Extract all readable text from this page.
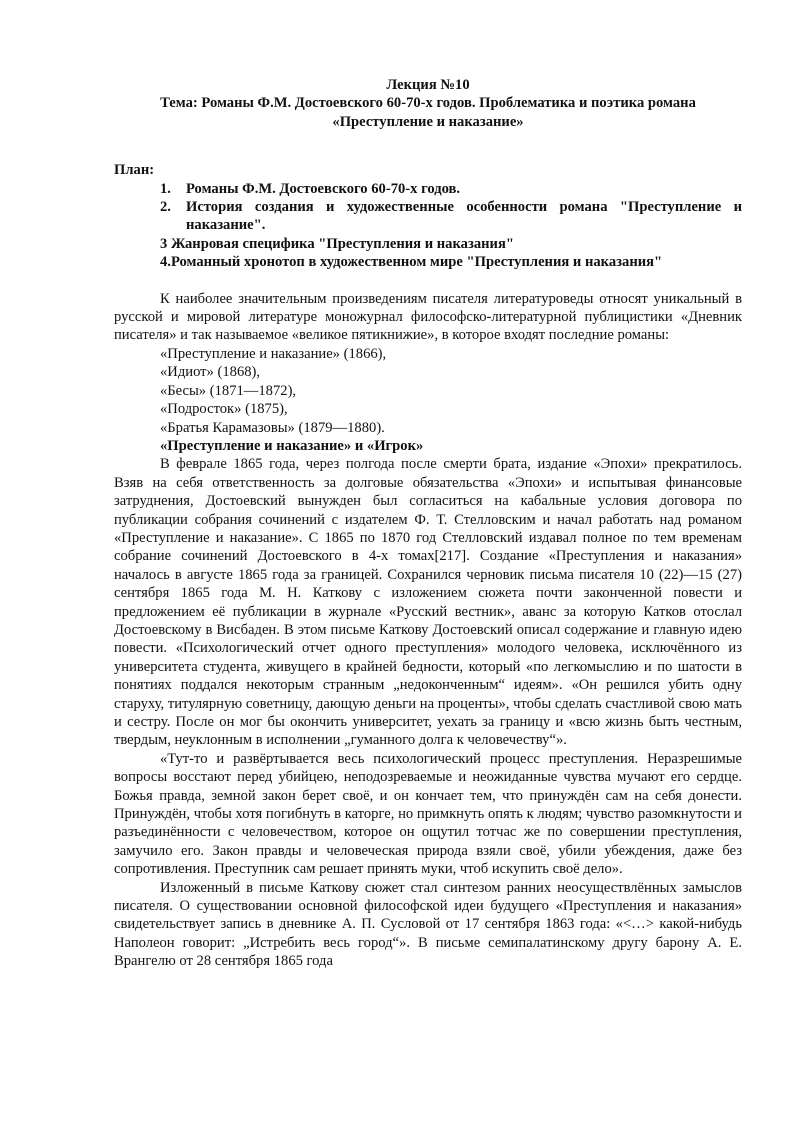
Лекция №10
Тема: Романы Ф.М. Достоевского 60-70-х годов. Проблематика и поэтика романа
«Преступление и наказание»
План:
1.	Романы Ф.М. Достоевского 60-70-х годов.
2.	История создания и художественные особенности романа "Преступление и наказание".
3 Жанровая специфика "Преступления и наказания"
4.Романный хронотоп в художественном мире "Преступления и наказания"

К наиболее значительным произведениям писателя литературоведы относят уникальный в русской и мировой литературе моножурнал философско-литературной публицистики «Дневник писателя» и так называемое «великое пятикнижие», в которое входят последние романы:

«Преступление и наказание» (1866),
«Идиот» (1868),
«Бесы» (1871—1872),
«Подросток» (1875),
«Братья Карамазовы» (1879—1880).
«Преступление и наказание» и «Игрок»

В феврале 1865 года, через полгода после смерти брата, издание «Эпохи» прекратилось. Взяв на себя ответственность за долговые обязательства «Эпохи» и испытывая финансовые затруднения, Достоевский вынужден был согласиться на кабальные условия договора по публикации собрания сочинений с издателем Ф. Т. Стелловским и начал работать над романом «Преступление и наказание». С 1865 по 1870 год Стелловский издавал полное по тем временам собрание сочинений Достоевского в 4-х томах[217]. Создание «Преступления и наказания» началось в августе 1865 года за границей. Сохранился черновик письма писателя 10 (22)—15 (27) сентября 1865 года М. Н. Каткову с изложением сюжета почти законченной повести и предложением её публикации в журнале «Русский вестник», аванс за которую Катков отослал Достоевскому в Висбаден. В этом письме Каткову Достоевский описал содержание и главную идею повести. «Психологический отчет одного преступления» молодого человека, исключённого из университета студента, живущего в крайней бедности, который «по легкомыслию и по шатости в понятиях поддался некоторым странным „недоконченным“ идеям». «Он решился убить одну старуху, титулярную советницу, дающую деньги на проценты», чтобы сделать счастливой свою мать и сестру. После он мог бы окончить университет, уехать за границу и «всю жизнь быть честным, твердым, неуклонным в исполнении „гуманного долга к человечеству“».

«Тут-то и развёртывается весь психологический процесс преступления. Неразрешимые вопросы восстают перед убийцею, неподозреваемые и неожиданные чувства мучают его сердце. Божья правда, земной закон берет своё, и он кончает тем, что принуждён сам на себя донести. Принуждён, чтобы хотя погибнуть в каторге, но примкнуть опять к людям; чувство разомкнутости и разъединённости с человечеством, которое он ощутил тотчас же по совершении преступления, замучило его. Закон правды и человеческая природа взяли своё, убили убеждения, даже без сопротивления. Преступник сам решает принять муки, чтоб искупить своё дело».

Изложенный в письме Каткову сюжет стал синтезом ранних неосуществлённых замыслов писателя. О существовании основной философской идеи будущего «Преступления и наказания» свидетельствует запись в дневнике А. П. Сусловой от 17 сентября 1863 года: «<…> какой-нибудь Наполеон говорит: „Истребить весь город“». В письме семипалатинскому другу барону А. Е. Врангелю от 28 сентября 1865 года
